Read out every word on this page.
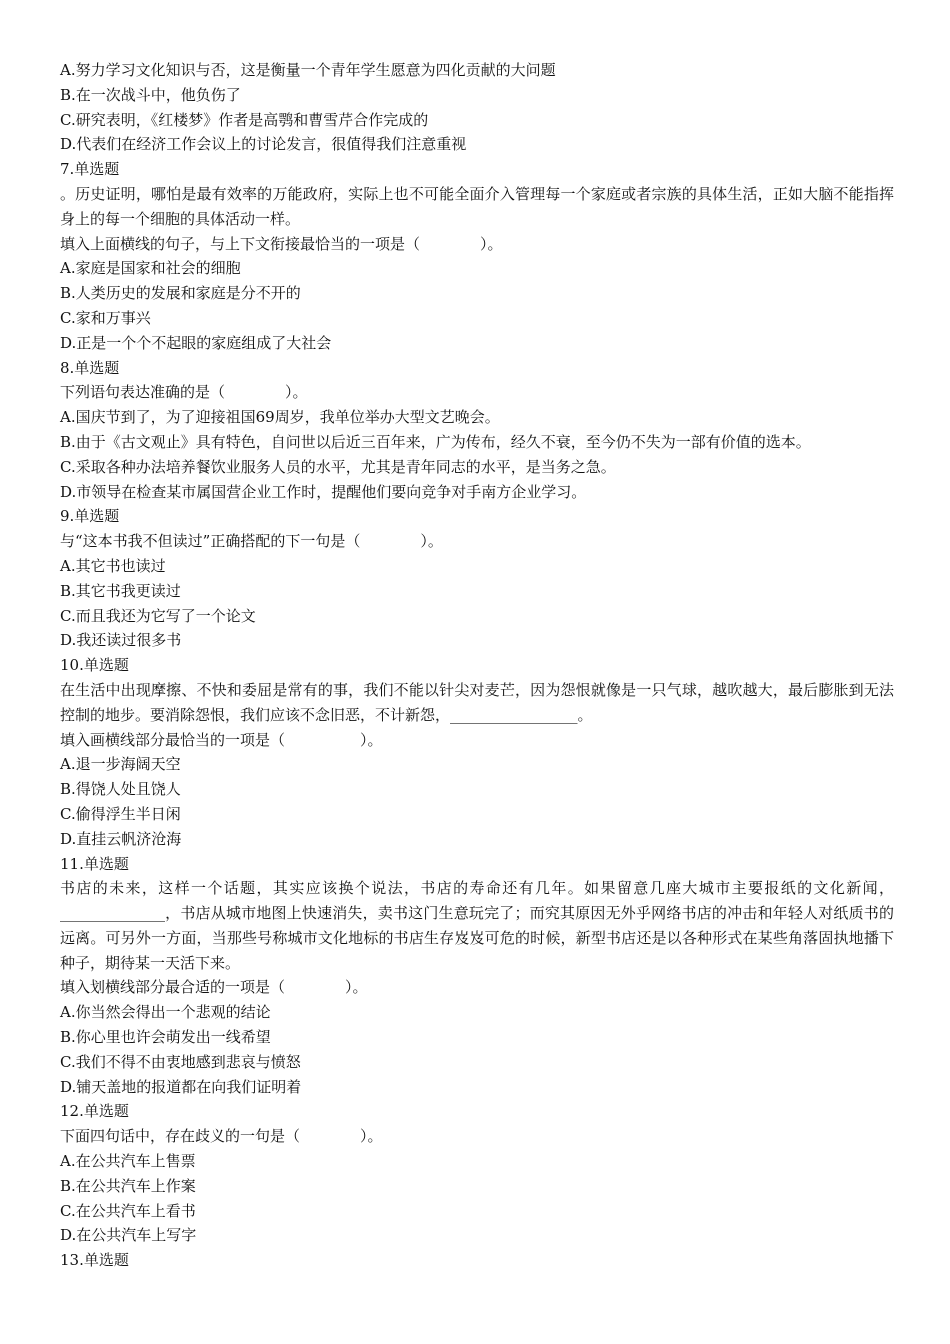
A.努力学习文化知识与否，这是衡量一个青年学生愿意为四化贡献的大问题

B.在一次战斗中，他负伤了

C.研究表明，《红楼梦》作者是高鹗和曹雪芹合作完成的

D.代表们在经济工作会议上的讨论发言，很值得我们注意重视

7.单选题

。历史证明，哪怕是最有效率的万能政府，实际上也不可能全面介入管理每一个家庭或者宗族的具体生活，正如大脑不能指挥身上的每一个细胞的具体活动一样。

填入上面横线的句子，与上下文衔接最恰当的一项是（　　　　）。

A.家庭是国家和社会的细胞

B.人类历史的发展和家庭是分不开的

C.家和万事兴

D.正是一个个不起眼的家庭组成了大社会

8.单选题

下列语句表达准确的是（　　　　）。

A.国庆节到了，为了迎接祖国69周岁，我单位举办大型文艺晚会。

B.由于《古文观止》具有特色，自问世以后近三百年来，广为传布，经久不衰，至今仍不失为一部有价值的选本。

C.采取各种办法培养餐饮业服务人员的水平，尤其是青年同志的水平，是当务之急。

D.市领导在检查某市属国营企业工作时，提醒他们要向竞争对手南方企业学习。

9.单选题

与“这本书我不但读过”正确搭配的下一句是（　　　　）。

A.其它书也读过

B.其它书我更读过

C.而且我还为它写了一个论文

D.我还读过很多书

10.单选题

在生活中出现摩擦、不快和委屈是常有的事，我们不能以针尖对麦芒，因为怨恨就像是一只气球，越吹越大，最后膨胀到无法控制的地步。要消除怨恨，我们应该不念旧恶，不计新怨，_________________。

填入画横线部分最恰当的一项是（　　　　　）。

A.退一步海阔天空

B.得饶人处且饶人

C.偷得浮生半日闲

D.直挂云帆济沧海

11.单选题

书店的未来，这样一个话题，其实应该换个说法，书店的寿命还有几年。如果留意几座大城市主要报纸的文化新闻，______________，书店从城市地图上快速消失，卖书这门生意玩完了；而究其原因无外乎网络书店的冲击和年轻人对纸质书的远离。可另外一方面，当那些号称城市文化地标的书店生存岌岌可危的时候，新型书店还是以各种形式在某些角落固执地播下种子，期待某一天活下来。

填入划横线部分最合适的一项是（　　　　）。

A.你当然会得出一个悲观的结论

B.你心里也许会萌发出一线希望

C.我们不得不由衷地感到悲哀与愤怒

D.铺天盖地的报道都在向我们证明着

12.单选题

下面四句话中，存在歧义的一句是（　　　　）。

A.在公共汽车上售票

B.在公共汽车上作案

C.在公共汽车上看书

D.在公共汽车上写字

13.单选题
